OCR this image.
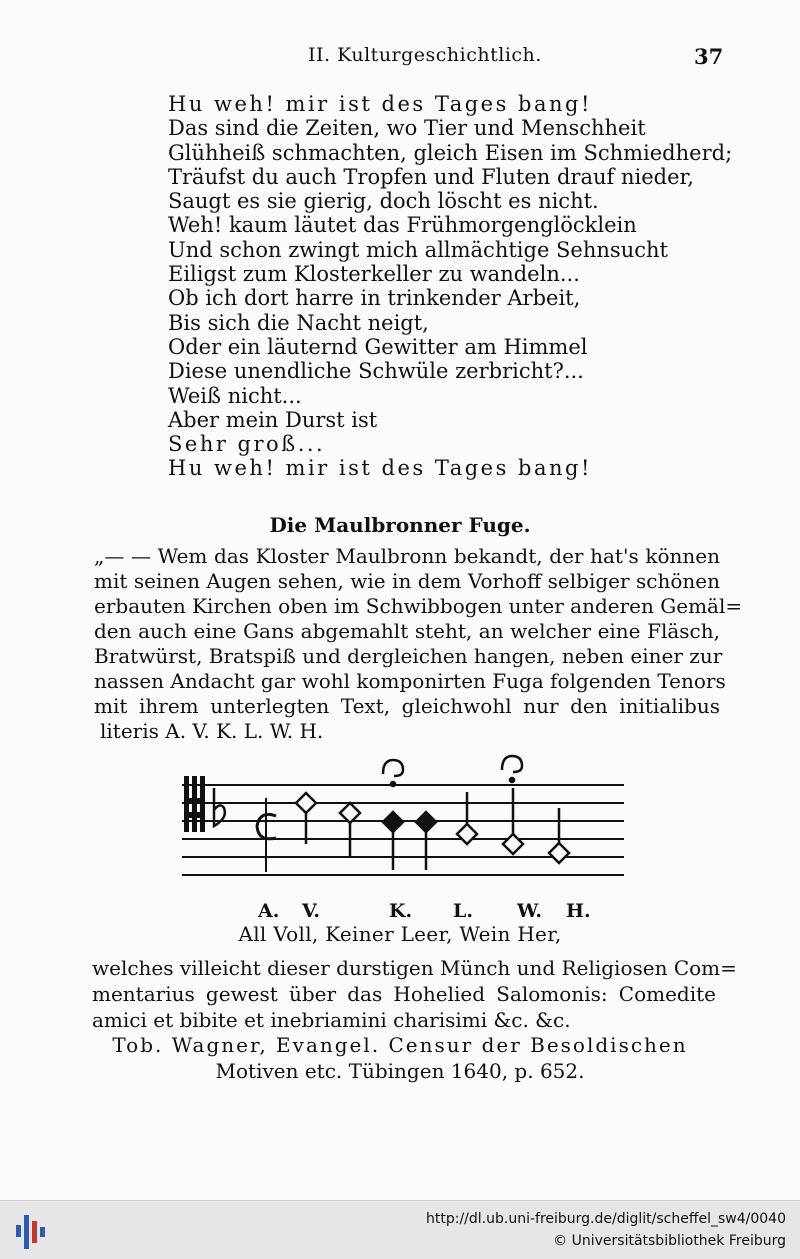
II. Kulturgeschichtlich.	37
Hu weh! mir ist des Tages bang!
Das sind die Zeiten, wo Tier und Menschheit
Glühheiß schmachten, gleich Eisen im Schmiedherd;
Träufst du auch Tropfen und Fluten drauf nieder,
Saugt es sie gierig, doch löscht es nicht.
Weh! kaum läutet das Frühmorgenglöcklein
Und schon zwingt mich allmächtige Sehnsucht
Eiligst zum Klosterkeller zu wandeln...
Ob ich dort harre in trinkender Arbeit,
Bis sich die Nacht neigt,
Oder ein läuternd Gewitter am Himmel
Diese unendliche Schwüle zerbricht?...
Weiß nicht...
Aber mein Durst ist
Sehr groß...
Hu weh! mir ist des Tages bang!
Die Maulbronner Fuge.
„— — Wem das Kloster Maulbronn bekandt, der hat's können
mit seinen Augen sehen, wie in dem Vorhoff selbiger schönen
erbauten Kirchen oben im Schwibbogen unter anderen Gemäl=
den auch eine Gans abgemahlt steht, an welcher eine Fläsch,
Bratwürst, Bratspiß und dergleichen hangen, neben einer zur
nassen Andacht gar wohl komponirten Fuga folgenden Tenors
mit ihrem unterlegten Text, gleichwohl nur den initialibus
literis A. V. K. L. W. H.
A. V.	K. L. W. H.
All Voll, Keiner Leer, Wein Her,
welches villeicht dieser durstigen Münch und Religiosen Com=
mentarius gewest über das Hohelied Salomonis: Comedite
amici et bibite et inebriamini charisimi &c. &c.
Tob. Wagner, Evangel. Censur der Besoldischen
Motiven etc. Tübingen 1640, p. 652.
http://dl.ub.uni-freiburg.de/diglit/scheffel_sw4/0040
© Universitätsbibliothek Freiburg
